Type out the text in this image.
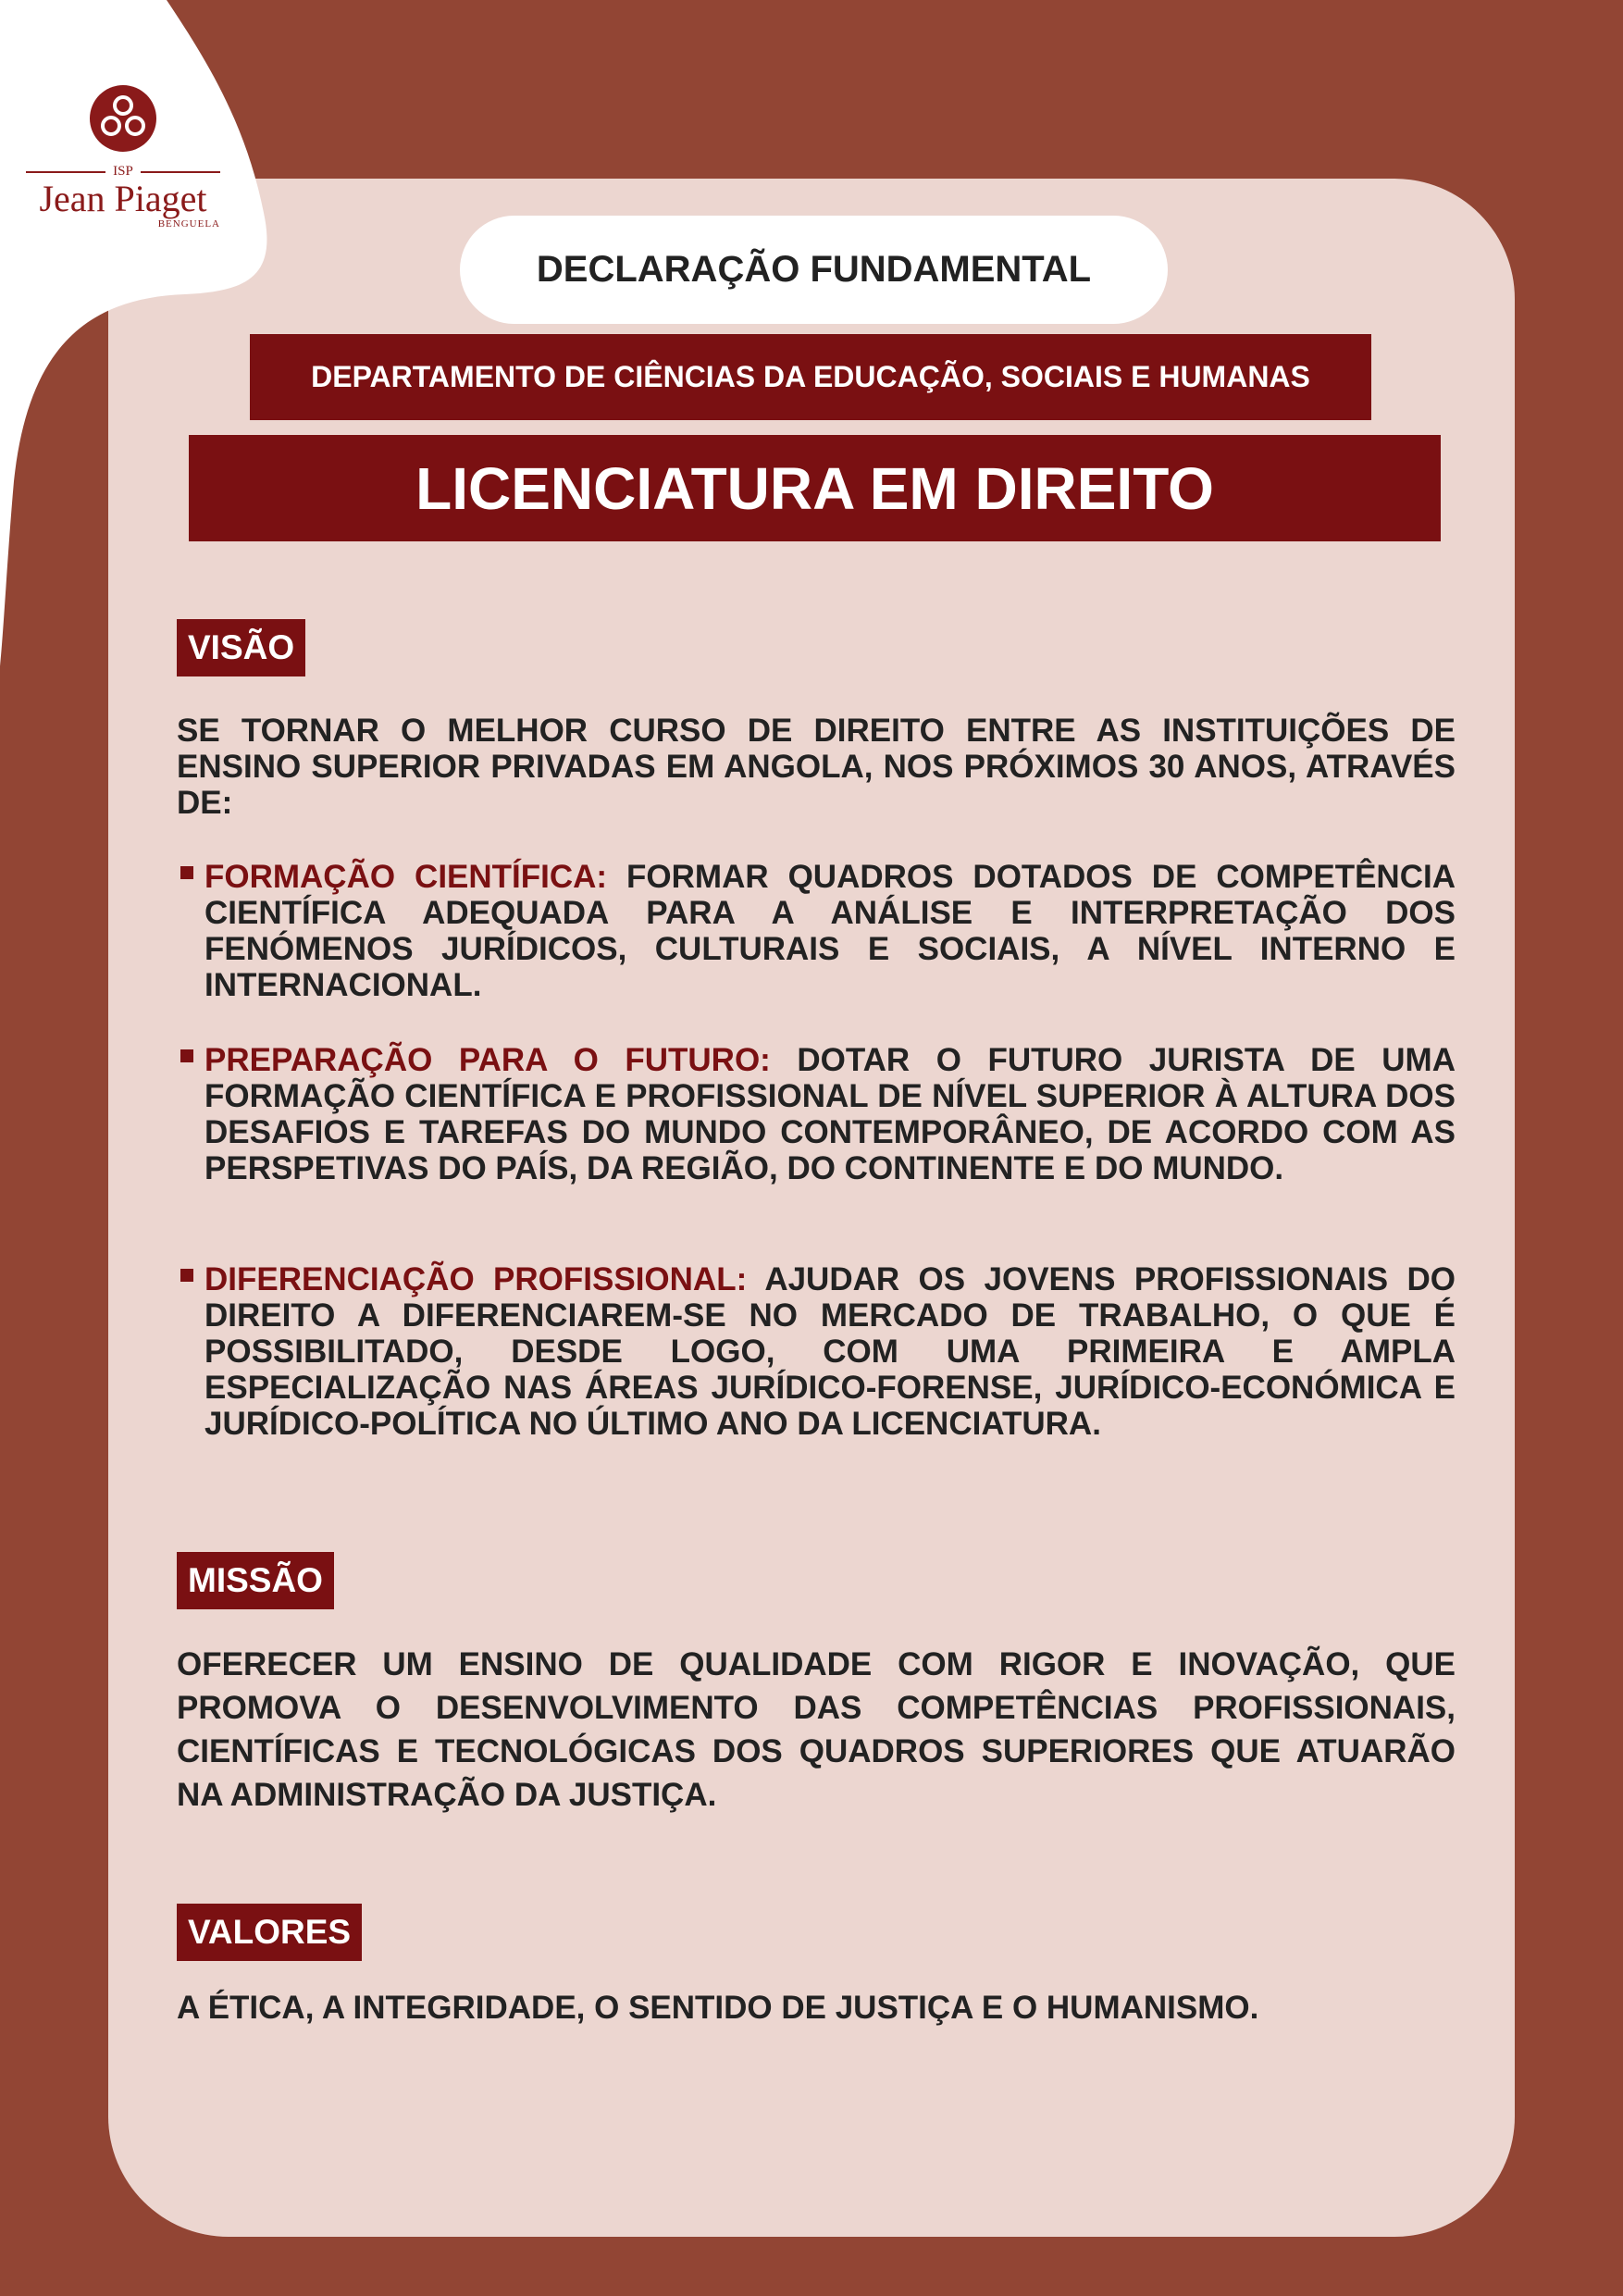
ISP
Jean Piaget
BENGUELA
DECLARAÇÃO FUNDAMENTAL
DEPARTAMENTO DE CIÊNCIAS DA EDUCAÇÃO, SOCIAIS E HUMANAS
LICENCIATURA EM DIREITO
VISÃO
SE TORNAR O MELHOR CURSO DE DIREITO ENTRE AS INSTITUIÇÕES DE ENSINO SUPERIOR PRIVADAS EM ANGOLA, NOS PRÓXIMOS 30 ANOS, ATRAVÉS DE:
FORMAÇÃO CIENTÍFICA: FORMAR QUADROS DOTADOS DE COMPETÊNCIA CIENTÍFICA ADEQUADA PARA A ANÁLISE E INTERPRETAÇÃO DOS FENÓMENOS JURÍDICOS, CULTURAIS E SOCIAIS, A NÍVEL INTERNO E INTERNACIONAL.
PREPARAÇÃO PARA O FUTURO: DOTAR O FUTURO JURISTA DE UMA FORMAÇÃO CIENTÍFICA E PROFISSIONAL DE NÍVEL SUPERIOR À ALTURA DOS DESAFIOS E TAREFAS DO MUNDO CONTEMPORÂNEO, DE ACORDO COM AS PERSPETIVAS DO PAÍS, DA REGIÃO, DO CONTINENTE E DO MUNDO.
DIFERENCIAÇÃO PROFISSIONAL: AJUDAR OS JOVENS PROFISSIONAIS DO DIREITO A DIFERENCIAREM-SE NO MERCADO DE TRABALHO, O QUE É POSSIBILITADO, DESDE LOGO, COM UMA PRIMEIRA E AMPLA ESPECIALIZAÇÃO NAS ÁREAS JURÍDICO-FORENSE, JURÍDICO-ECONÓMICA E JURÍDICO-POLÍTICA NO ÚLTIMO ANO DA LICENCIATURA.
MISSÃO
OFERECER UM ENSINO DE QUALIDADE COM RIGOR E INOVAÇÃO, QUE PROMOVA O DESENVOLVIMENTO DAS COMPETÊNCIAS PROFISSIONAIS, CIENTÍFICAS E TECNOLÓGICAS DOS QUADROS SUPERIORES QUE ATUARÃO NA ADMINISTRAÇÃO DA JUSTIÇA.
VALORES
A ÉTICA, A INTEGRIDADE, O SENTIDO DE JUSTIÇA E O HUMANISMO.
